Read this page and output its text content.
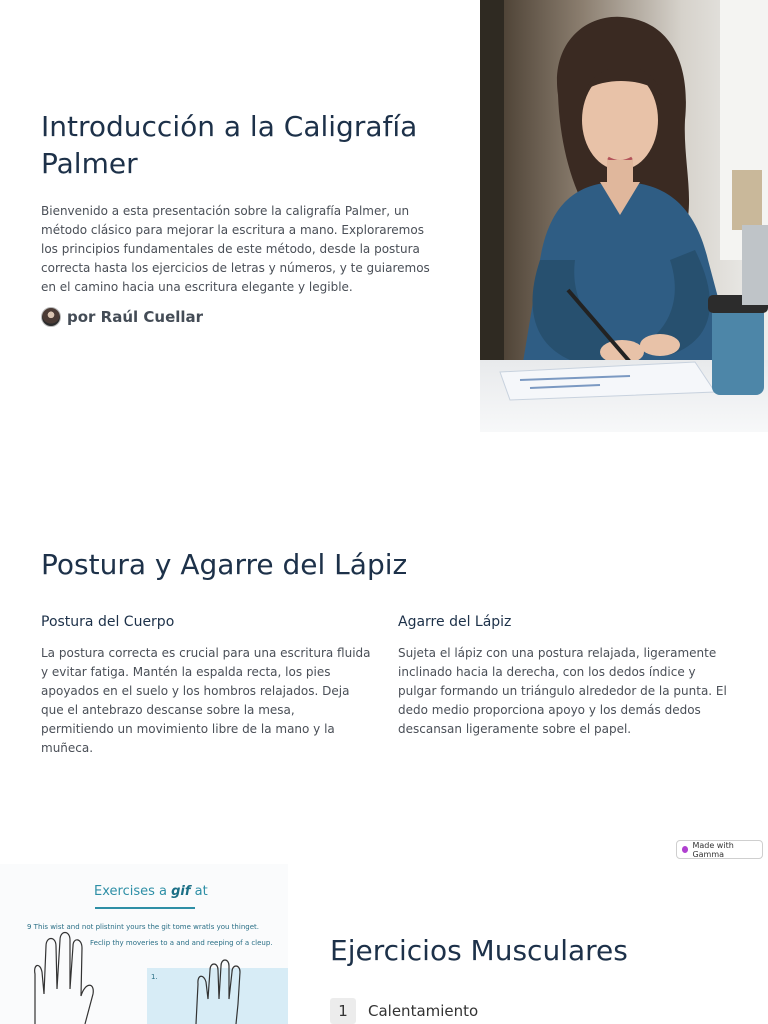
Introducción a la Caligrafía Palmer

Bienvenido a esta presentación sobre la caligrafía Palmer, un método clásico para mejorar la escritura a mano. Exploraremos los principios fundamentales de este método, desde la postura correcta hasta los ejercicios de letras y números, y te guiaremos en el camino hacia una escritura elegante y legible.

por Raúl Cuellar
Postura y Agarre del Lápiz
Postura del Cuerpo

La postura correcta es crucial para una escritura fluida y evitar fatiga. Mantén la espalda recta, los pies apoyados en el suelo y los hombros relajados. Deja que el antebrazo descanse sobre la mesa, permitiendo un movimiento libre de la mano y la muñeca.

Agarre del Lápiz

Sujeta el lápiz con una postura relajada, ligeramente inclinado hacia la derecha, con los dedos índice y pulgar formando un triángulo alrededor de la punta. El dedo medio proporciona apoyo y los demás dedos descansan ligeramente sobre el papel.

Made with Gamma
Exercises a gif at
9 This wist and not plistnint yours the git tome wratls you thinget.
Feclip thy moveries to a and and reeping of a cleup.
1.
Ejercicios Musculares
1	Calentamiento
